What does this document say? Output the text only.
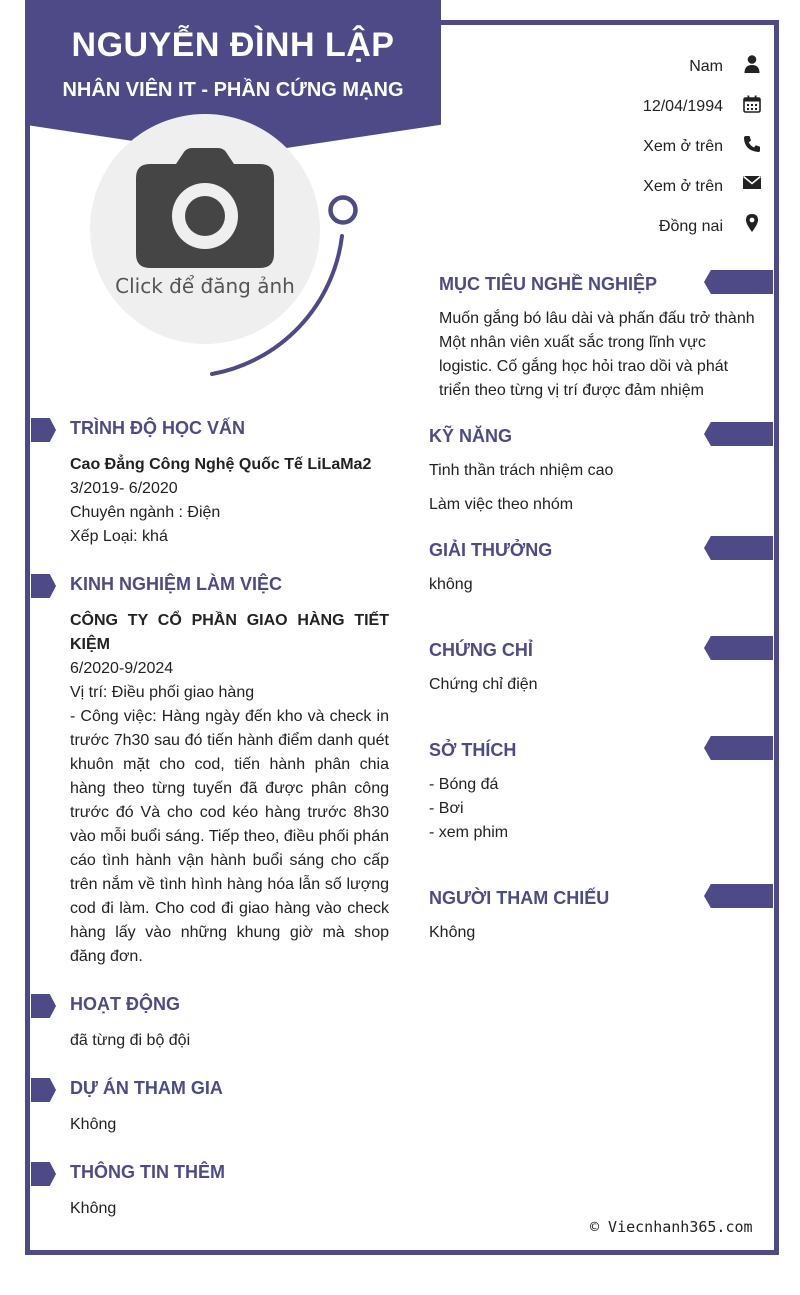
NGUYỄN ĐÌNH LẬP
NHÂN VIÊN IT - PHẦN CỨNG MẠNG
Click để đăng ảnh
Nam
12/04/1994
Xem ở trên
Xem ở trên
Đồng nai
MỤC TIÊU NGHỀ NGHIỆP
Muốn gắng bó lâu dài và phấn đấu trở thành
Một nhân viên xuất sắc trong lĩnh vực
logistic. Cố gắng học hỏi trao dồi và phát
triển theo từng vị trí được đảm nhiệm
TRÌNH ĐỘ HỌC VẤN
Cao Đẳng Công Nghệ Quốc Tế LiLaMa2
3/2019- 6/2020
Chuyên ngành : Điện
Xếp Loại: khá
KINH NGHIỆM LÀM VIỆC
CÔNG TY CỔ PHẦN GIAO HÀNG TIẾT KIỆM
6/2020-9/2024
Vị trí: Điều phối giao hàng
- Công việc: Hàng ngày đến kho và check in trước 7h30 sau đó tiến hành điểm danh quét khuôn mặt cho cod, tiến hành phân chia hàng theo từng tuyến đã được phân công trước đó Và cho cod kéo hàng trước 8h30 vào mỗi buổi sáng. Tiếp theo, điều phối phán cáo tình hành vận hành buổi sáng cho cấp trên nắm về tình hình hàng hóa lẫn số lượng cod đi làm. Cho cod đi giao hàng vào check hàng lấy vào những khung giờ mà shop đăng đơn.
HOẠT ĐỘNG
đã từng đi bộ đội
DỰ ÁN THAM GIA
Không
THÔNG TIN THÊM
Không
KỸ NĂNG
Tinh thần trách nhiệm cao
Làm việc theo nhóm
GIẢI THƯỞNG
không
CHỨNG CHỈ
Chứng chỉ điện
SỞ THÍCH
- Bóng đá
- Bơi
- xem phim
NGƯỜI THAM CHIẾU
Không
© Viecnhanh365.com
